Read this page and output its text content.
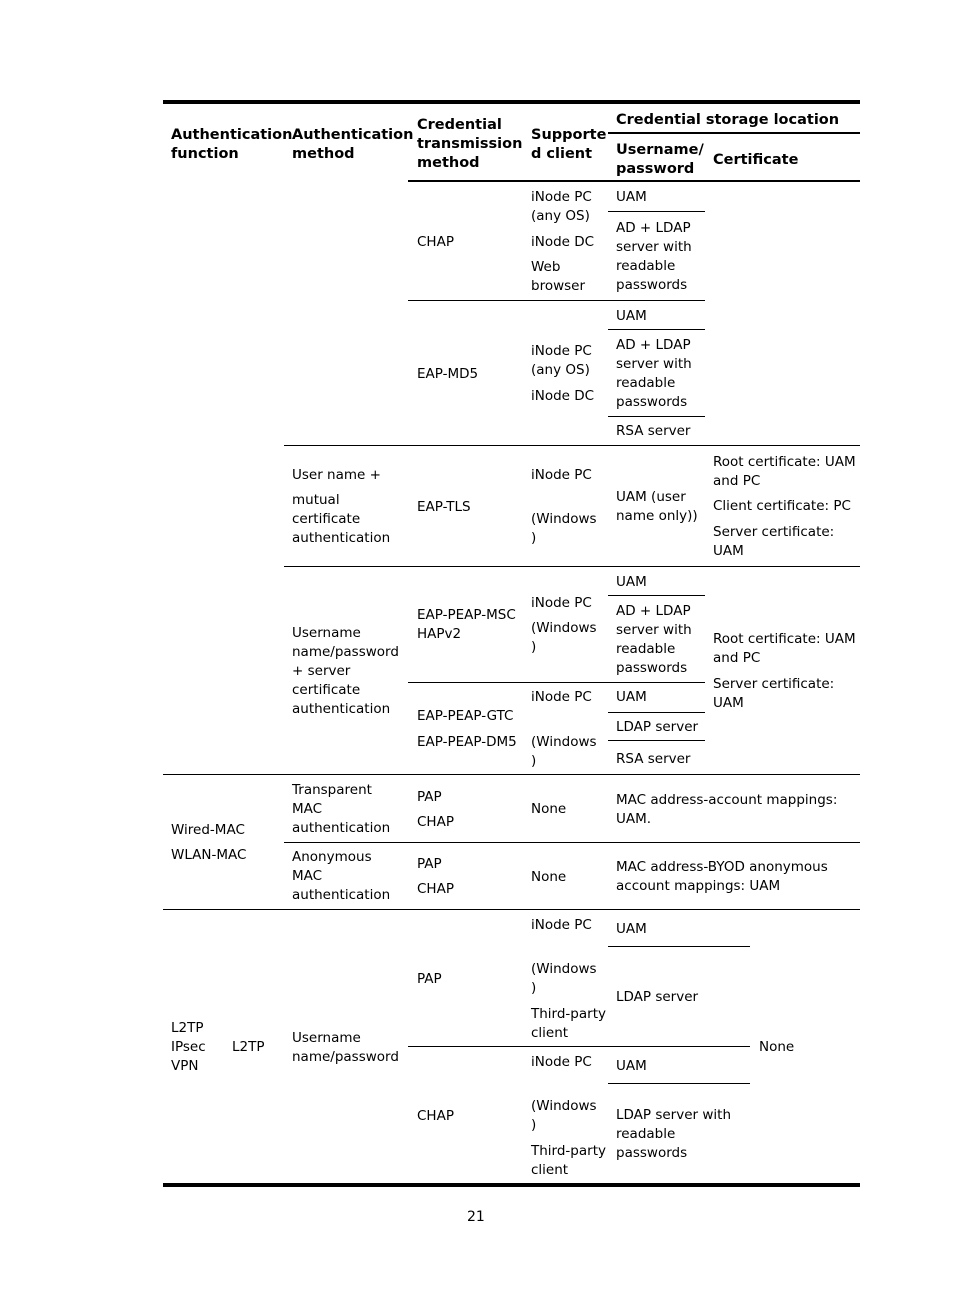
Authentication
function
Authentication
method
Credential
transmission
method
Supporte
d client
Credential storage location
Username/
password
Certificate
CHAP
iNode PC
(any OS)
iNode DC
Web
browser
UAM
AD + LDAP
server with
readable
passwords
EAP-MD5
iNode PC
(any OS)
iNode DC
UAM
AD + LDAP
server with
readable
passwords
RSA server
User name +
mutual
certificate
authentication
EAP-TLS
iNode PC
(Windows
)
UAM (user
name only))
Root certificate: UAM
and PC
Client certificate: PC
Server certificate:
UAM
Username
name/password
+ server
certificate
authentication
EAP-PEAP-MSC
HAPv2
iNode PC
(Windows
)
UAM
AD + LDAP
server with
readable
passwords
EAP-PEAP-GTC
EAP-PEAP-DM5
iNode PC
(Windows
)
UAM
LDAP server
RSA server
Root certificate: UAM
and PC
Server certificate:
UAM
Wired-MAC
WLAN-MAC
Transparent
MAC
authentication
PAP
CHAP
None
MAC address-account mappings:
UAM.
Anonymous
MAC
authentication
PAP
CHAP
None
MAC address-BYOD anonymous
account mappings: UAM
L2TP
IPsec
VPN
L2TP
Username
name/password
PAP
iNode PC
(Windows
)
Third-party
client
UAM
LDAP server
CHAP
iNode PC
(Windows
)
Third-party
client
UAM
LDAP server with
readable
passwords
None
21
